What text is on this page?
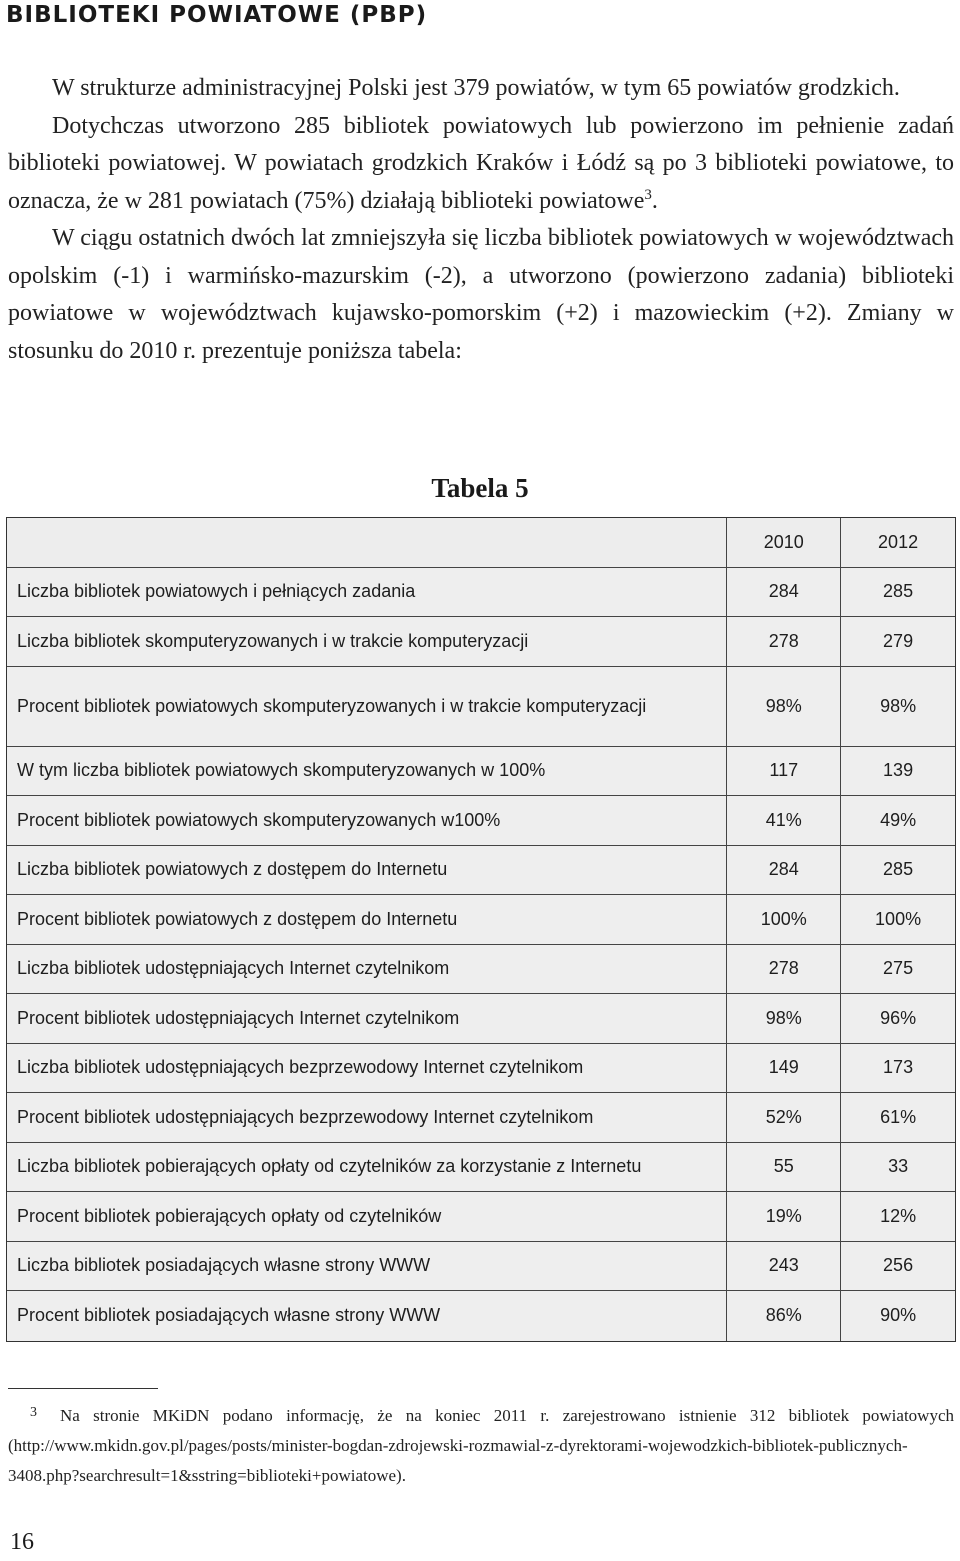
BIBLIOTEKI POWIATOWE (PBP)

W strukturze administracyjnej Polski jest 379 powiatów, w tym 65 powiatów grodzkich.

Dotychczas utworzono 285 bibliotek powiatowych lub powierzono im pełnienie zadań biblioteki powiatowej. W powiatach grodzkich Kraków i Łódź są po 3 biblioteki powiatowe, to oznacza, że w 281 powiatach (75%) działają biblioteki powiatowe$^3$.

W ciągu ostatnich dwóch lat zmniejszyła się liczba bibliotek powiatowych w województwach opolskim (-1) i warmińsko-mazurskim (-2), a utworzono (powierzono zadania) biblioteki powiatowe w województwach kujawsko-pomorskim (+2) i mazowieckim (+2). Zmiany w stosunku do 2010 r. prezentuje poniższa tabela:

Tabela 5
	2010	2012
Liczba bibliotek powiatowych i pełniących zadania	284	285
Liczba bibliotek skomputeryzowanych i w trakcie komputeryzacji	278	279
Procent bibliotek powiatowych skomputeryzowanych i w trakcie komputeryzacji	98%	98%
W tym liczba bibliotek powiatowych skomputeryzowanych w 100%	117	139
Procent bibliotek powiatowych skomputeryzowanych w100%	41%	49%
Liczba bibliotek powiatowych z dostępem do Internetu	284	285
Procent bibliotek powiatowych z dostępem do Internetu	100%	100%
Liczba bibliotek udostępniających Internet czytelnikom	278	275
Procent bibliotek udostępniających Internet czytelnikom	98%	96%
Liczba bibliotek udostępniających bezprzewodowy Internet czytelnikom	149	173
Procent bibliotek udostępniających bezprzewodowy Internet czytelnikom	52%	61%
Liczba bibliotek pobierających opłaty od czytelników za korzystanie z Internetu	55	33
Procent bibliotek pobierających opłaty od czytelników	19%	12%
Liczba bibliotek posiadających własne strony WWW	243	256
Procent bibliotek posiadających własne strony WWW	86%	90%
3 Na stronie MKiDN podano informację, że na koniec 2011 r. zarejestrowano istnienie 312 bibliotek powiatowych (http://www.mkidn.gov.pl/pages/posts/minister-bogdan-zdrojewski-rozmawial-z-dyrektorami-wojewodzkich-bibliotek-publicznych-3408.php?searchresult=1&sstring=biblioteki+powiatowe).
16
